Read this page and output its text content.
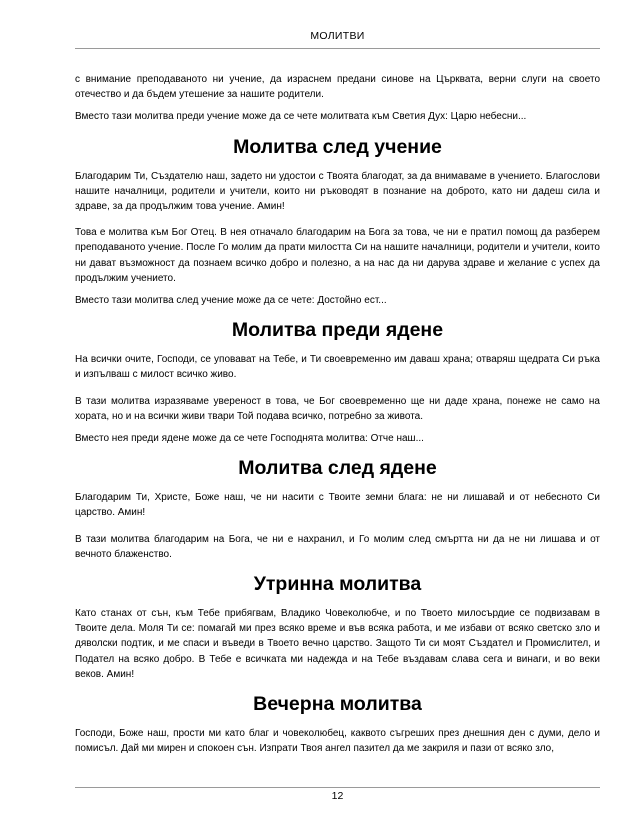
МОЛИТВИ

с внимание преподаваното ни учение, да израснем предани синове на Църквата, верни слуги на своето отечество и да бъдем утешение за нашите родители.

Вместо тази молитва преди учение може да се чете молитвата към Светия Дух: Царю небесни...

Молитва след учение

Благодарим Ти, Създателю наш, задето ни удостои с Твоята благодат, за да внимаваме в учението. Благослови нашите началници, родители и учители, които ни ръководят в познание на доброто, като ни дадеш сила и здраве, за да продължим това учение. Амин!

Това е молитва към Бог Отец. В нея отначало благодарим на Бога за това, че ни е пратил помощ да разберем преподаваното учение. После Го молим да прати милостта Си на нашите началници, родители и учители, които ни дават възможност да познаем всичко добро и полезно, а на нас да ни дарува здраве и желание с успех да продължим учението.

Вместо тази молитва след учение може да се чете: Достойно ест...

Молитва преди ядене

На всички очите, Господи, се уповават на Тебе, и Ти своевременно им даваш храна; отваряш щедрата Си ръка и изпълваш с милост всичко живо.

В тази молитва изразяваме увереност в това, че Бог своевременно ще ни даде храна, понеже не само на хората, но и на всички живи твари Той подава всичко, потребно за живота.

Вместо нея преди ядене може да се чете Господнята молитва: Отче наш...

Молитва след ядене

Благодарим Ти, Христе, Боже наш, че ни насити с Твоите земни блага: не ни лишавай и от небесното Си царство. Амин!

В тази молитва благодарим на Бога, че ни е нахранил, и Го молим след смъртта ни да не ни лишава и от вечното блаженство.

Утринна молитва

Като станах от сън, към Тебе прибягвам, Владико Човеколюбче, и по Твоето милосърдие се подвизавам в Твоите дела. Моля Ти се: помагай ми през всяко време и във всяка работа, и ме избави от всяко светско зло и дяволски подтик, и ме спаси и въведи в Твоето вечно царство. Защото Ти си моят Създател и Промислител, и Подател на всяко добро. В Тебе е всичката ми надежда и на Тебе въздавам слава сега и винаги, и во веки веков. Амин!

Вечерна молитва

Господи, Боже наш, прости ми като благ и човеколюбец, каквото съгреших през днешния ден с думи, дело и помисъл. Дай ми мирен и спокоен сън. Изпрати Твоя ангел пазител да ме закриля и пази от всяко зло,

12
